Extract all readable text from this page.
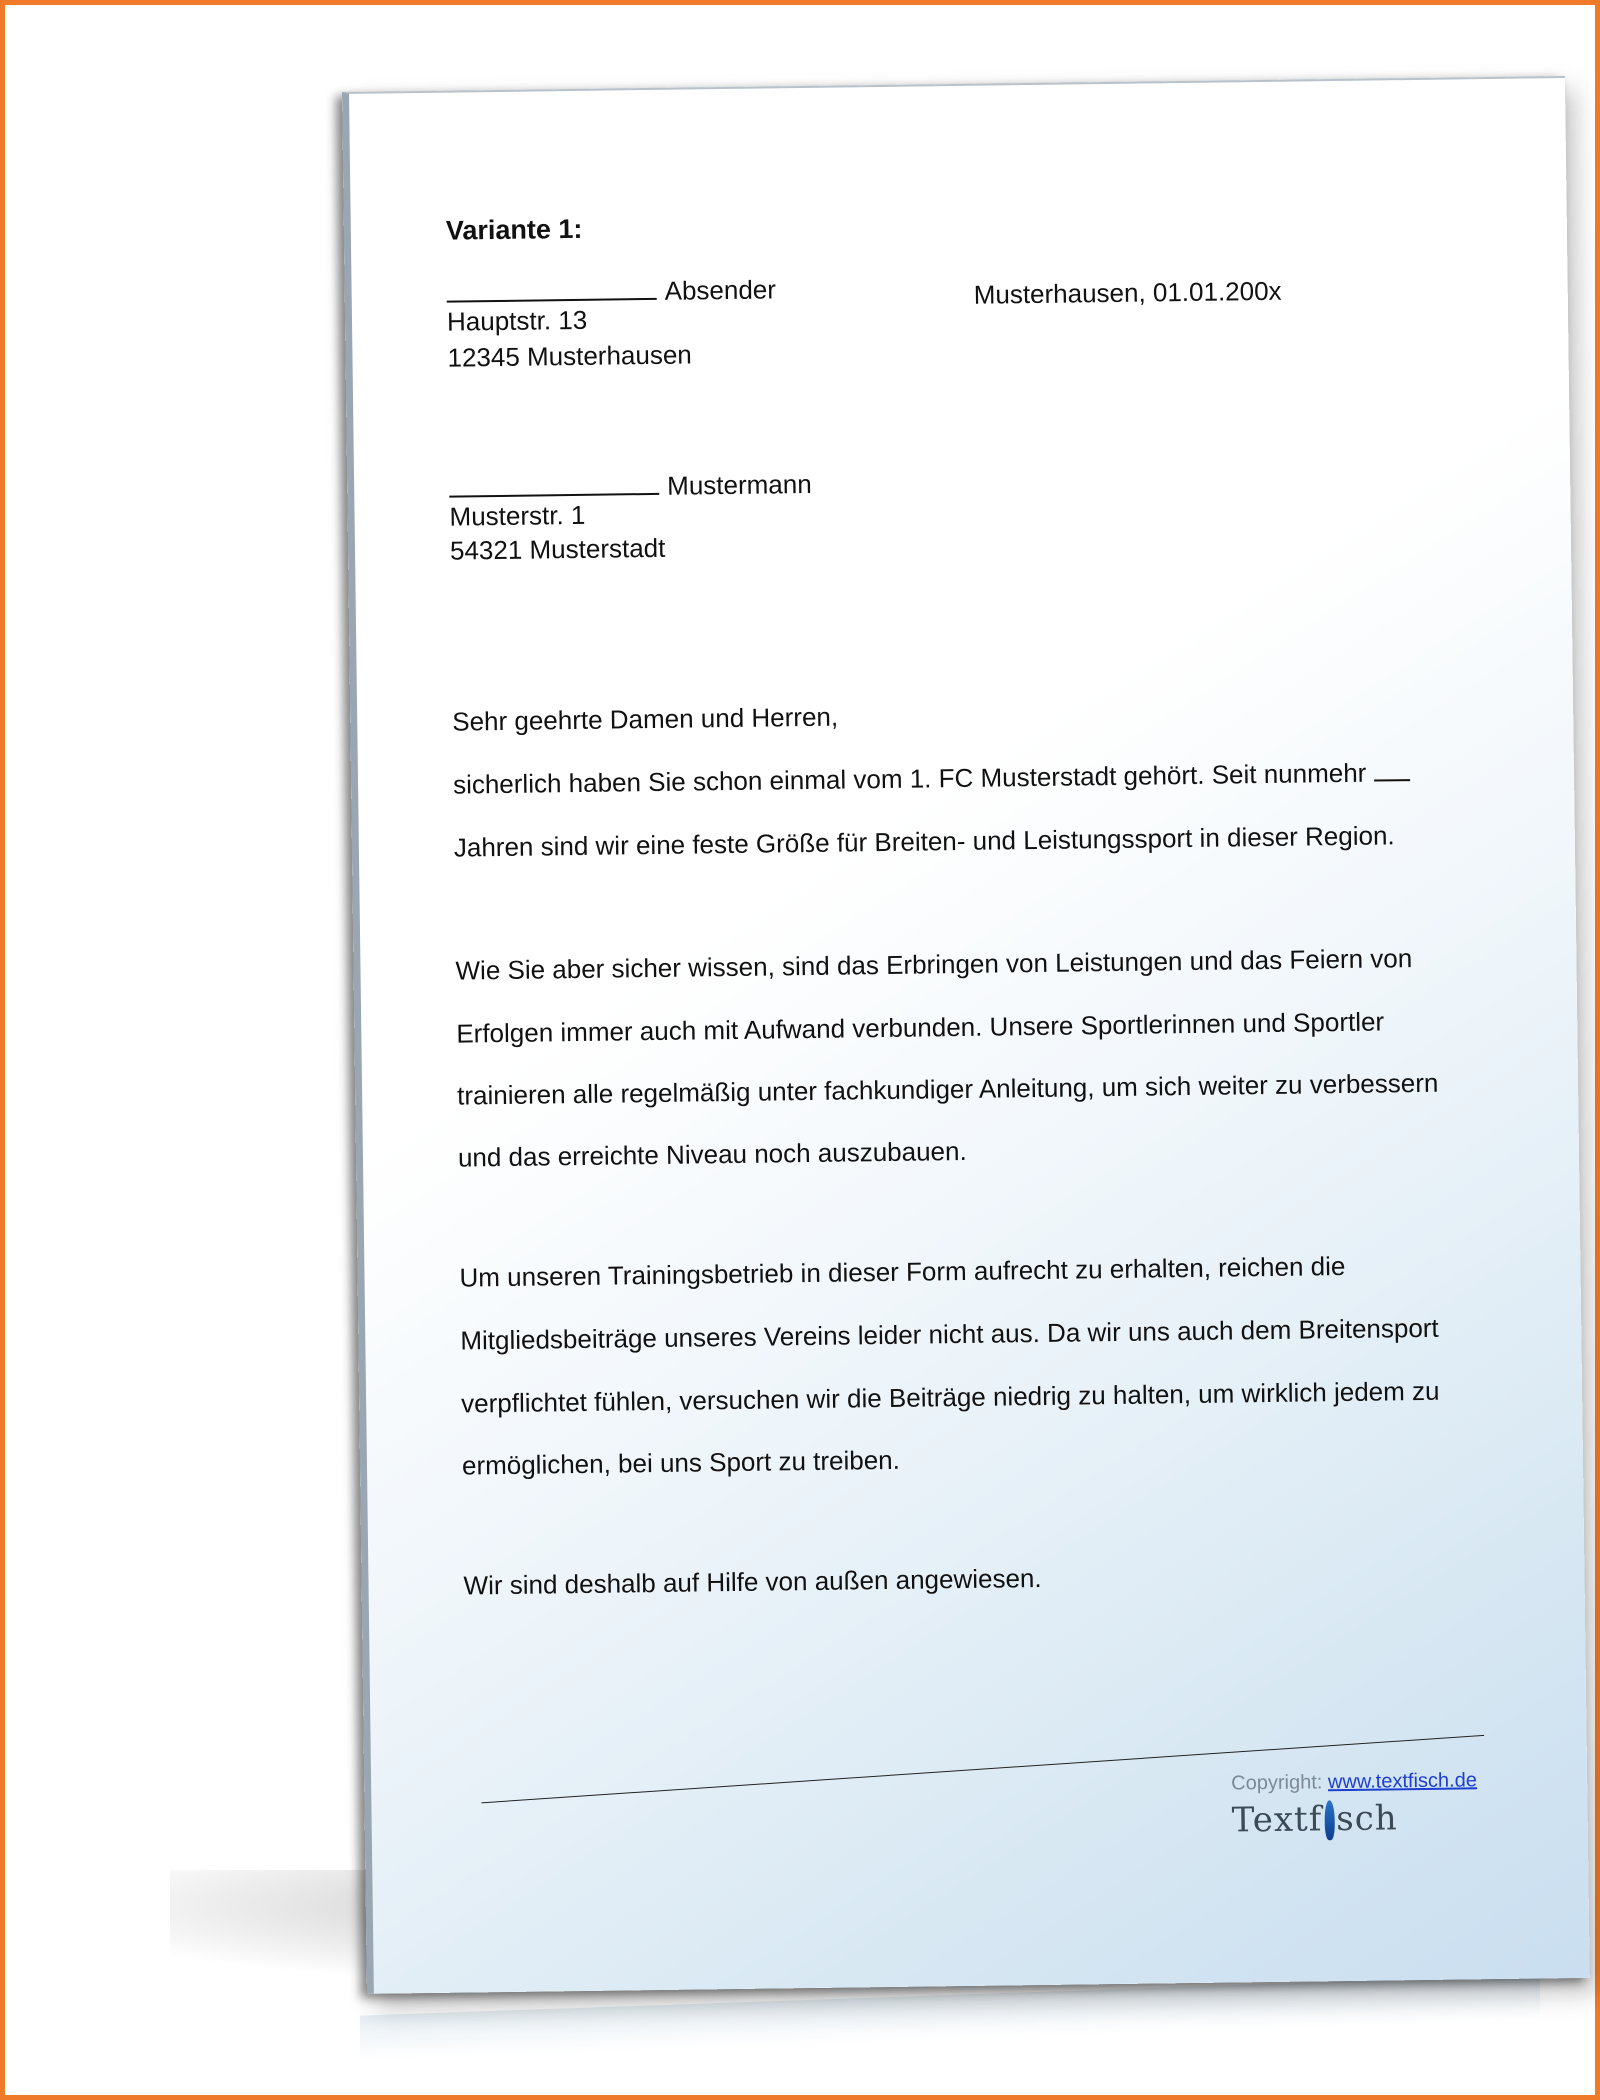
Variante 1:
Absender
Hauptstr. 13
12345 Musterhausen
Musterhausen, 01.01.200x
Mustermann
Musterstr. 1
54321 Musterstadt
Sehr geehrte Damen und Herren,
sicherlich haben Sie schon einmal vom 1. FC Musterstadt gehört. Seit nunmehr
Jahren sind wir eine feste Größe für Breiten- und Leistungssport in dieser Region.
Wie Sie aber sicher wissen, sind das Erbringen von Leistungen und das Feiern von
Erfolgen immer auch mit Aufwand verbunden. Unsere Sportlerinnen und Sportler
trainieren alle regelmäßig unter fachkundiger Anleitung, um sich weiter zu verbessern
und das erreichte Niveau noch auszubauen.
Um unseren Trainingsbetrieb in dieser Form aufrecht zu erhalten, reichen die
Mitgliedsbeiträge unseres Vereins leider nicht aus. Da wir uns auch dem Breitensport
verpflichtet fühlen, versuchen wir die Beiträge niedrig zu halten, um wirklich jedem zu
ermöglichen, bei uns Sport zu treiben.
Wir sind deshalb auf Hilfe von außen angewiesen.
Copyright: www.textfisch.de
Textf sch
